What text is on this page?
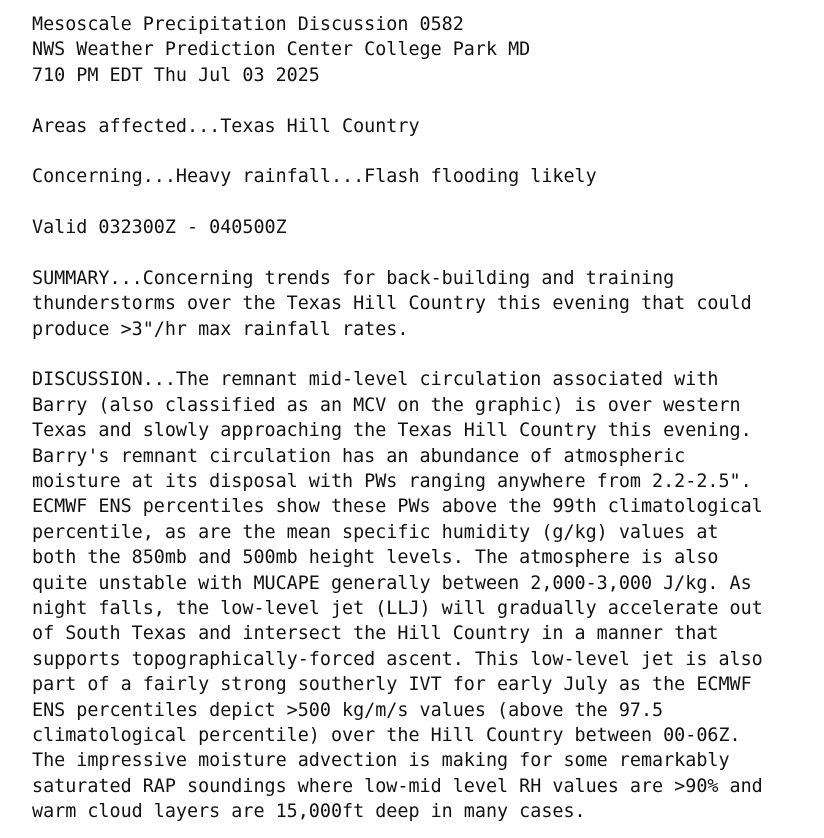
Mesoscale Precipitation Discussion 0582
NWS Weather Prediction Center College Park MD
710 PM EDT Thu Jul 03 2025
Areas affected...Texas Hill Country
Concerning...Heavy rainfall...Flash flooding likely
Valid 032300Z - 040500Z
SUMMARY...Concerning trends for back-building and training
thunderstorms over the Texas Hill Country this evening that could
produce >3"/hr max rainfall rates.
DISCUSSION...The remnant mid-level circulation associated with
Barry (also classified as an MCV on the graphic) is over western
Texas and slowly approaching the Texas Hill Country this evening.
Barry's remnant circulation has an abundance of atmospheric
moisture at its disposal with PWs ranging anywhere from 2.2-2.5".
ECMWF ENS percentiles show these PWs above the 99th climatological
percentile, as are the mean specific humidity (g/kg) values at
both the 850mb and 500mb height levels. The atmosphere is also
quite unstable with MUCAPE generally between 2,000-3,000 J/kg. As
night falls, the low-level jet (LLJ) will gradually accelerate out
of South Texas and intersect the Hill Country in a manner that
supports topographically-forced ascent. This low-level jet is also
part of a fairly strong southerly IVT for early July as the ECMWF
ENS percentiles depict >500 kg/m/s values (above the 97.5
climatological percentile) over the Hill Country between 00-06Z.
The impressive moisture advection is making for some remarkably
saturated RAP soundings where low-mid level RH values are >90% and
warm cloud layers are 15,000ft deep in many cases.
